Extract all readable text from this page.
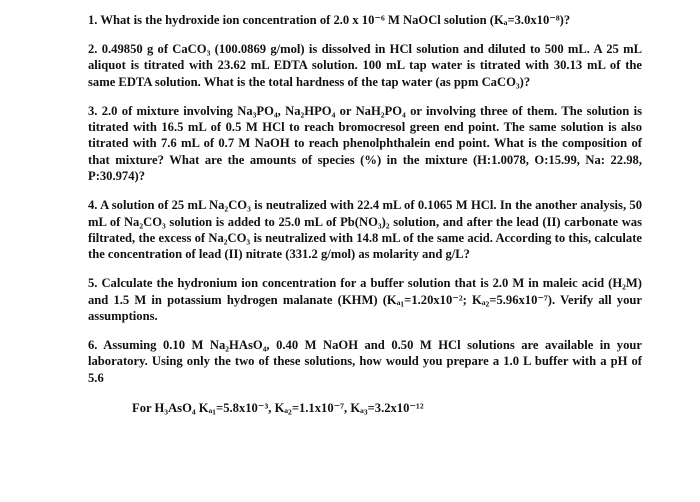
1. What is the hydroxide ion concentration of 2.0 x 10⁻⁶ M NaOCl solution (Kₐ=3.0x10⁻⁸)?

2. 0.49850 g of CaCO₃ (100.0869 g/mol) is dissolved in HCl solution and diluted to 500 mL. A 25 mL aliquot is titrated with 23.62 mL EDTA solution. 100 mL tap water is titrated with 30.13 mL of the same EDTA solution. What is the total hardness of the tap water (as ppm CaCO₃)?

3. 2.0 of mixture involving Na₃PO₄, Na₂HPO₄ or NaH₂PO₄ or involving three of them. The solution is titrated with 16.5 mL of 0.5 M HCl to reach bromocresol green end point. The same solution is also titrated with 7.6 mL of 0.7 M NaOH to reach phenolphthalein end point. What is the composition of that mixture? What are the amounts of species (%) in the mixture (H:1.0078, O:15.99, Na: 22.98, P:30.974)?

4. A solution of 25 mL Na₂CO₃ is neutralized with 22.4 mL of 0.1065 M HCl. In the another analysis, 50 mL of Na₂CO₃ solution is added to 25.0 mL of Pb(NO₃)₂ solution, and after the lead (II) carbonate was filtrated, the excess of Na₂CO₃ is neutralized with 14.8 mL of the same acid. According to this, calculate the concentration of lead (II) nitrate (331.2 g/mol) as molarity and g/L?

5. Calculate the hydronium ion concentration for a buffer solution that is 2.0 M in maleic acid (H₂M) and 1.5 M in potassium hydrogen malanate (KHM) (Kₐ₁=1.20x10⁻²; Kₐ₂=5.96x10⁻⁷). Verify all your assumptions.

6. Assuming 0.10 M Na₂HAsO₄, 0.40 M NaOH and 0.50 M HCl solutions are available in your laboratory. Using only the two of these solutions, how would you prepare a 1.0 L buffer with a pH of 5.6

For H₃AsO₄ Kₐ₁=5.8x10⁻³, Kₐ₂=1.1x10⁻⁷, Kₐ₃=3.2x10⁻¹²
